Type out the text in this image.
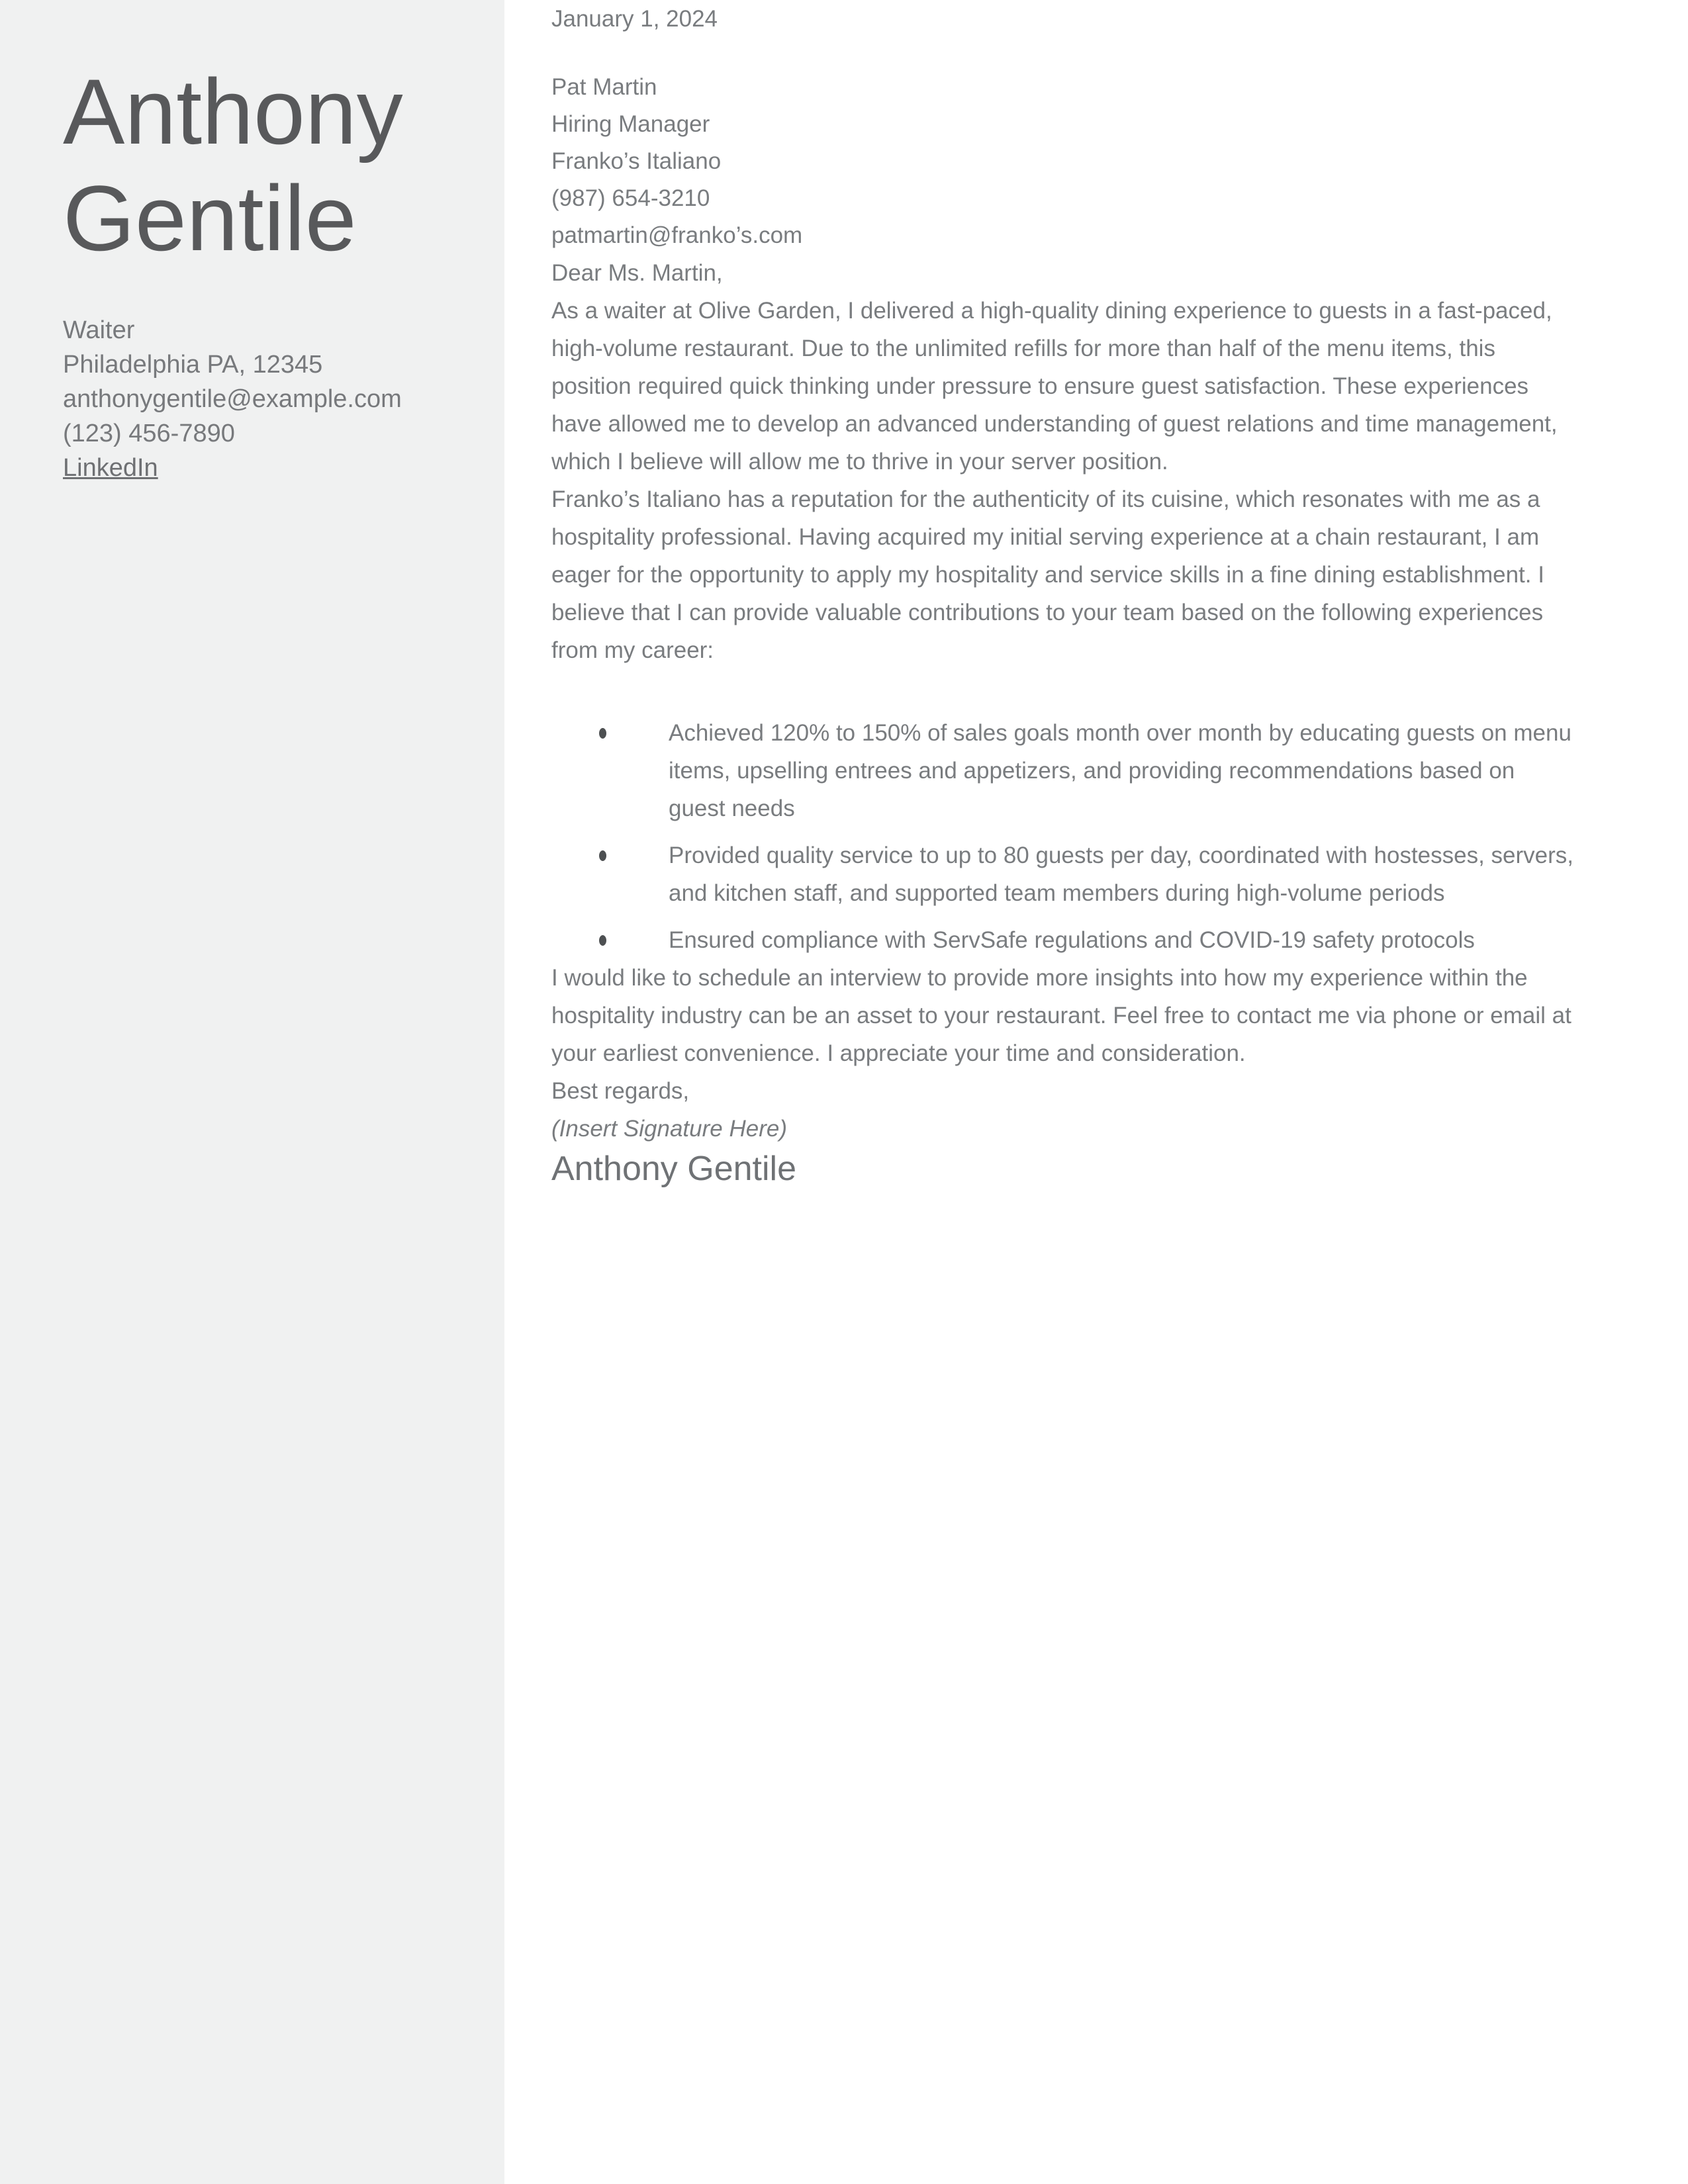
Anthony Gentile
Waiter
Philadelphia PA, 12345
anthonygentile@example.com
(123) 456-7890
LinkedIn

January 1, 2024

Pat Martin
Hiring Manager
Franko’s Italiano
(987) 654-3210
patmartin@franko’s.com

Dear Ms. Martin,

As a waiter at Olive Garden, I delivered a high-quality dining experience to guests in a fast-paced, high-volume restaurant. Due to the unlimited refills for more than half of the menu items, this position required quick thinking under pressure to ensure guest satisfaction. These experiences have allowed me to develop an advanced understanding of guest relations and time management, which I believe will allow me to thrive in your server position.

Franko’s Italiano has a reputation for the authenticity of its cuisine, which resonates with me as a hospitality professional. Having acquired my initial serving experience at a chain restaurant, I am eager for the opportunity to apply my hospitality and service skills in a fine dining establishment. I believe that I can provide valuable contributions to your team based on the following experiences from my career:

Achieved 120% to 150% of sales goals month over month by educating guests on menu items, upselling entrees and appetizers, and providing recommendations based on guest needs
Provided quality service to up to 80 guests per day, coordinated with hostesses, servers, and kitchen staff, and supported team members during high-volume periods
Ensured compliance with ServSafe regulations and COVID-19 safety protocols

I would like to schedule an interview to provide more insights into how my experience within the hospitality industry can be an asset to your restaurant. Feel free to contact me via phone or email at your earliest convenience. I appreciate your time and consideration.

Best regards,

(Insert Signature Here)

Anthony Gentile
